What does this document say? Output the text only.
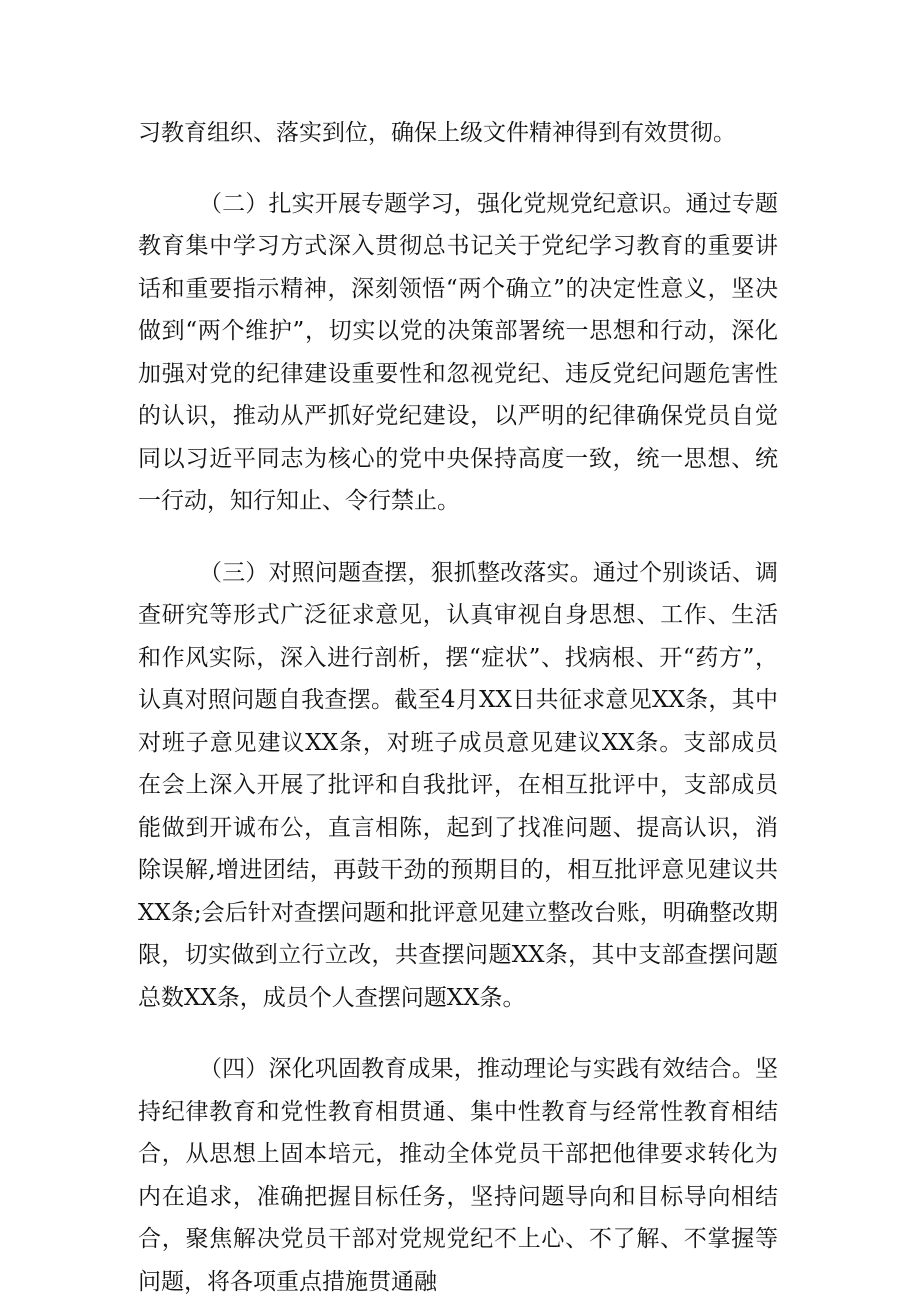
习教育组织、落实到位，确保上级文件精神得到有效贯彻。

（二）扎实开展专题学习，强化党规党纪意识。通过专题教育集中学习方式深入贯彻总书记关于党纪学习教育的重要讲话和重要指示精神，深刻领悟“两个确立”的决定性意义，坚决做到“两个维护”，切实以党的决策部署统一思想和行动，深化加强对党的纪律建设重要性和忽视党纪、违反党纪问题危害性的认识，推动从严抓好党纪建设，以严明的纪律确保党员自觉同以习近平同志为核心的党中央保持高度一致，统一思想、统一行动，知行知止、令行禁止。

（三）对照问题查摆，狠抓整改落实。通过个别谈话、调查研究等形式广泛征求意见，认真审视自身思想、工作、生活和作风实际，深入进行剖析，摆“症状”、找病根、开“药方”，认真对照问题自我查摆。截至4月XX日共征求意见XX条，其中对班子意见建议XX条，对班子成员意见建议XX条。支部成员在会上深入开展了批评和自我批评，在相互批评中，支部成员能做到开诚布公，直言相陈，起到了找准问题、提高认识，消除误解,增进团结，再鼓干劲的预期目的，相互批评意见建议共XX条;会后针对查摆问题和批评意见建立整改台账，明确整改期限，切实做到立行立改，共查摆问题XX条，其中支部查摆问题总数XX条，成员个人查摆问题XX条。

（四）深化巩固教育成果，推动理论与实践有效结合。坚持纪律教育和党性教育相贯通、集中性教育与经常性教育相结合，从思想上固本培元，推动全体党员干部把他律要求转化为内在追求，准确把握目标任务，坚持问题导向和目标导向相结合，聚焦解决党员干部对党规党纪不上心、不了解、不掌握等问题，将各项重点措施贯通融
